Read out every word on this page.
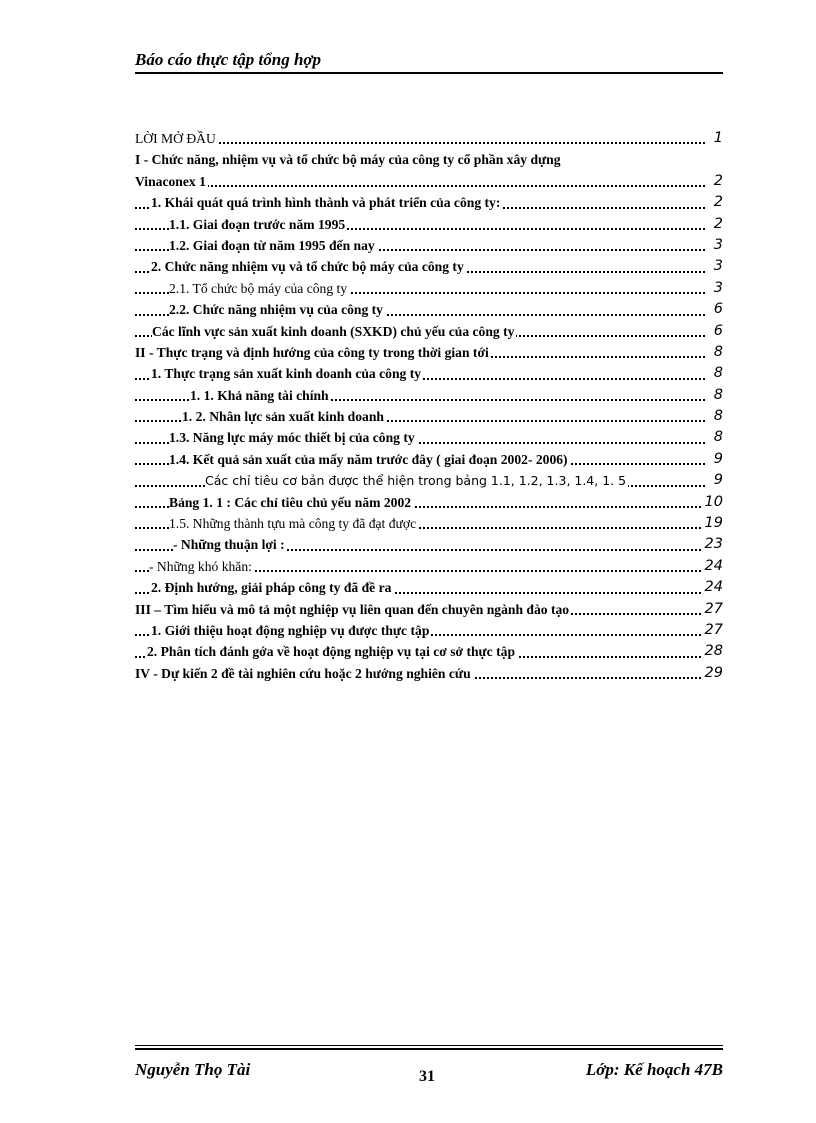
Báo cáo thực tập tổng hợp
LỜI MỞ ĐẦU	1
I - Chức năng, nhiệm vụ và tổ chức bộ máy của công ty cổ phần xây dựng
Vinaconex 1	2
1. Khái quát quá trình hình thành và phát triển của công ty:	2
1.1. Giai đoạn trước năm 1995	2
1.2. Giai đoạn từ năm 1995 đến nay	3
2. Chức năng nhiệm vụ và tổ chức bộ máy của công ty	3
2.1. Tổ chức bộ máy của công ty	3
2.2. Chức năng nhiệm vụ của công ty	6
Các lĩnh vực sản xuất kinh doanh (SXKD) chủ yếu của công ty	6
II - Thực trạng và định hướng của công ty trong thời gian tới	8
1. Thực trạng sản xuất kinh doanh của công ty	8
1. 1. Khả năng tài chính	8
1. 2. Nhân lực sản xuất kinh doanh	8
1.3. Năng lực máy móc thiết bị của công ty	8
1.4. Kết quả sản xuất của mấy năm trước đây ( giai đoạn 2002- 2006)	9
Các chỉ tiêu cơ bản được thể hiện trong bảng 1.1, 1.2, 1.3, 1.4, 1. 5	9
Bảng 1. 1 : Các chỉ tiêu chủ yếu năm 2002	10
1.5. Những thành tựu mà công ty đã đạt được	19
- Những thuận lợi :	23
- Những khó khăn:	24
2. Định hướng, giải pháp công ty đã đề ra	24
III – Tìm hiểu và mô tả một nghiệp vụ liên quan đến chuyên ngành đào tạo	27
1. Giới thiệu hoạt động nghiệp vụ được thực tập	27
2. Phân tích đánh gớa về hoạt động nghiệp vụ tại cơ sở thực tập	28
IV - Dự kiến 2 đề tài nghiên cứu hoặc 2 hướng nghiên cứu	29
Nguyễn Thọ Tài	31	Lớp: Kế hoạch 47B
